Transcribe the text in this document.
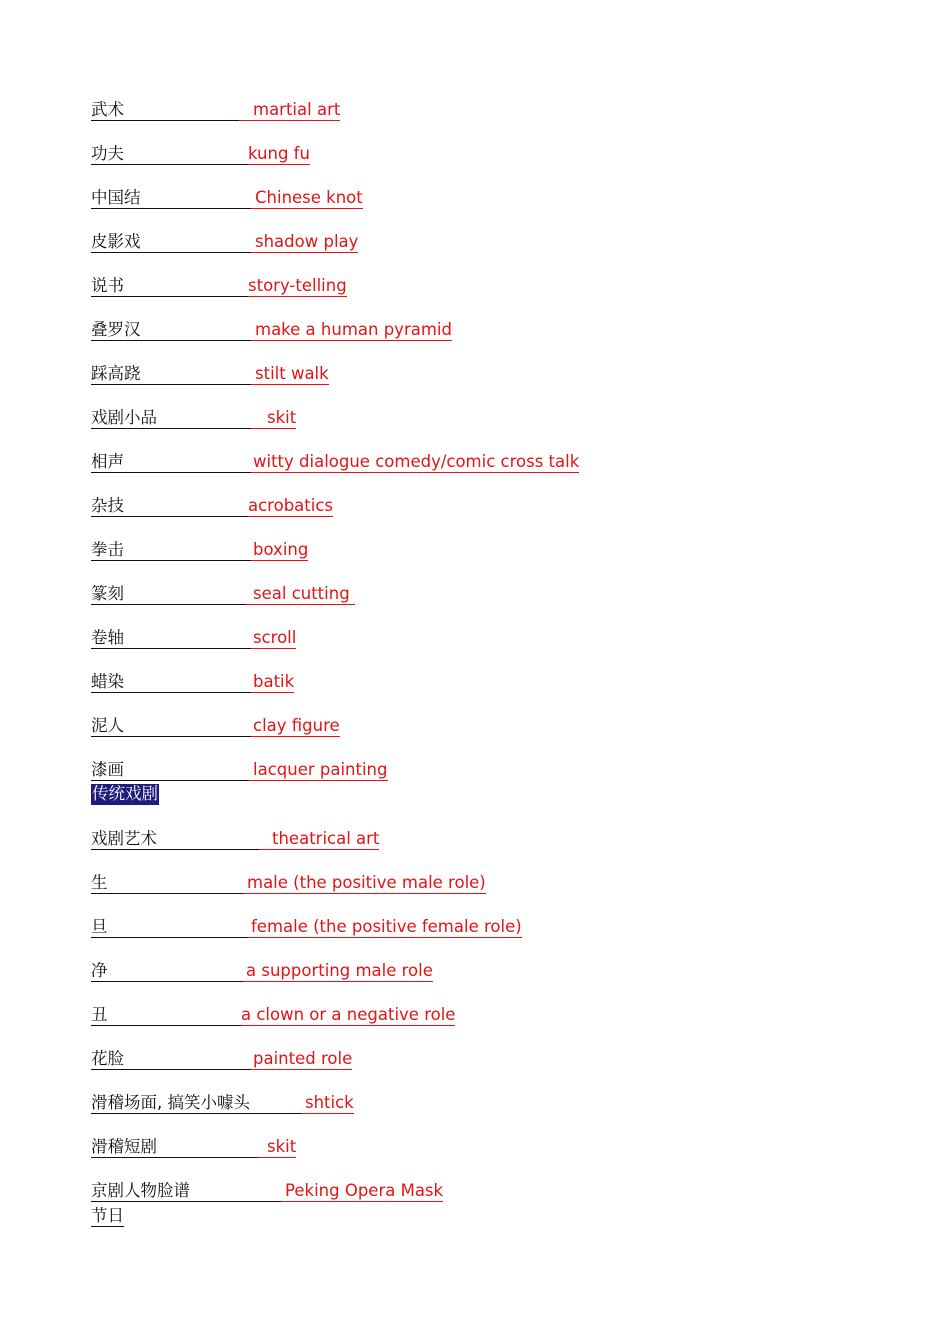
武术	martial art
功夫	kung fu
中国结	Chinese knot
皮影戏	shadow play
说书	story-telling
叠罗汉	make a human pyramid
踩高跷	stilt walk
戏剧小品	skit
相声	witty dialogue comedy/comic cross talk
杂技	acrobatics
拳击	boxing
篆刻	seal cutting
卷轴	scroll
蜡染	batik
泥人	clay figure
漆画	lacquer painting
传统戏剧
戏剧艺术	theatrical art
生	male (the positive male role)
旦	female (the positive female role)
净	a supporting male role
丑	a clown or a negative role
花脸	painted role
滑稽场面, 搞笑小噱头	shtick
滑稽短剧	skit
京剧人物脸谱	Peking Opera Mask
节日
